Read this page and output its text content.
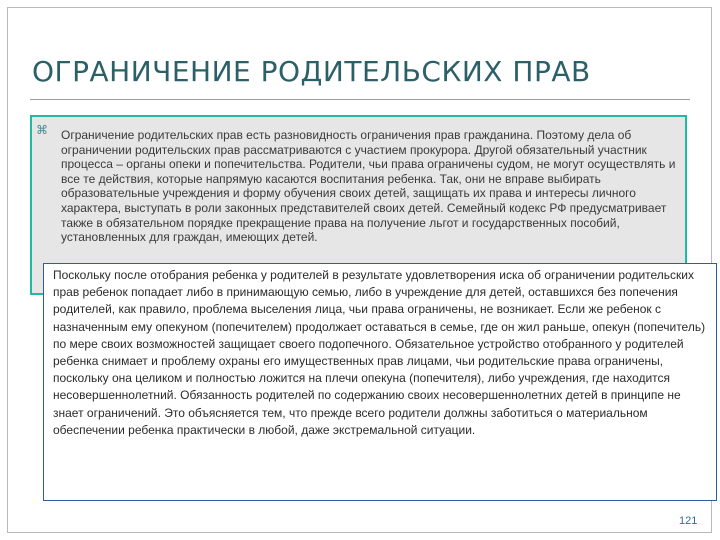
ОГРАНИЧЕНИЕ РОДИТЕЛЬСКИХ ПРАВ
⌘ Ограничение родительских прав есть разновидность ограничения прав гражданина. Поэтому дела об ограничении родительских прав рассматриваются с участием прокурора. Другой обязательный участник процесса – органы опеки и попечительства. Родители, чьи права ограничены судом, не могут осуществлять и все те действия, которые напрямую касаются воспитания ребенка. Так, они не вправе выбирать образовательные учреждения и форму обучения своих детей, защищать их права и интересы личного характера, выступать в роли законных представителей своих детей. Семейный кодекс РФ предусматривает также в обязательном порядке прекращение права на получение льгот и государственных пособий, установленных для граждан, имеющих детей.

Поскольку после отобрания ребенка у родителей в результате удовлетворения иска об ограничении родительских прав ребенок попадает либо в принимающую семью, либо в учреждение для детей, оставшихся без попечения родителей, как правило, проблема выселения лица, чьи права ограничены, не возникает. Если же ребенок с назначенным ему опекуном (попечителем) продолжает оставаться в семье, где он жил раньше, опекун (попечитель) по мере своих возможностей защищает своего подопечного. Обязательное устройство отобранного у родителей ребенка снимает и проблему охраны его имущественных прав лицами, чьи родительские права ограничены, поскольку она целиком и полностью ложится на плечи опекуна (попечителя), либо учреждения, где находится несовершеннолетний. Обязанность родителей по содержанию своих несовершеннолетних детей в принципе не знает ограничений. Это объясняется тем, что прежде всего родители должны заботиться о материальном обеспечении ребенка практически в любой, даже экстремальной ситуации.

121
